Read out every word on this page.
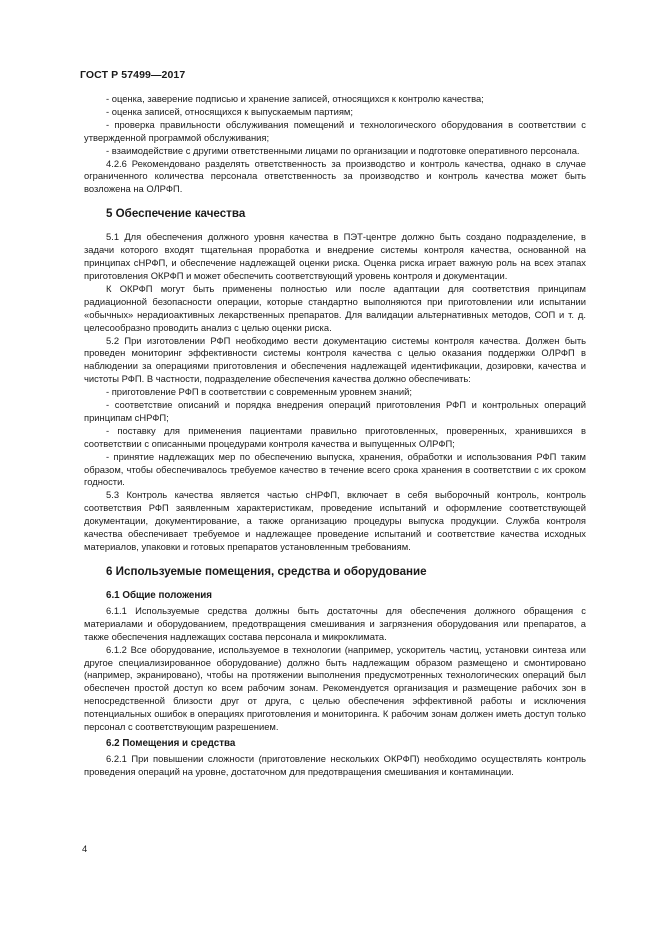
ГОСТ Р 57499—2017

- оценка, заверение подписью и хранение записей, относящихся к контролю качества;

- оценка записей, относящихся к выпускаемым партиям;

- проверка правильности обслуживания помещений и технологического оборудования в соответствии с утвержденной программой обслуживания;

- взаимодействие с другими ответственными лицами по организации и подготовке оперативного персонала.

4.2.6 Рекомендовано разделять ответственность за производство и контроль качества, однако в случае ограниченного количества персонала ответственность за производство и контроль качества может быть возложена на ОЛРФП.

5 Обеспечение качества

5.1 Для обеспечения должного уровня качества в ПЭТ-центре должно быть создано подразделение, в задачи которого входят тщательная проработка и внедрение системы контроля качества, основанной на принципах сНРФП, и обеспечение надлежащей оценки риска. Оценка риска играет важную роль на всех этапах приготовления ОКРФП и может обеспечить соответствующий уровень контроля и документации.

К ОКРФП могут быть применены полностью или после адаптации для соответствия принципам радиационной безопасности операции, которые стандартно выполняются при приготовлении или испытании «обычных» нерадиоактивных лекарственных препаратов. Для валидации альтернативных методов, СОП и т. д. целесообразно проводить анализ с целью оценки риска.

5.2 При изготовлении РФП необходимо вести документацию системы контроля качества. Должен быть проведен мониторинг эффективности системы контроля качества с целью оказания поддержки ОЛРФП в наблюдении за операциями приготовления и обеспечения надлежащей идентификации, дозировки, качества и чистоты РФП. В частности, подразделение обеспечения качества должно обеспечивать:

- приготовление РФП в соответствии с современным уровнем знаний;

- соответствие описаний и порядка внедрения операций приготовления РФП и контрольных операций принципам сНРФП;

- поставку для применения пациентами правильно приготовленных, проверенных, хранившихся в соответствии с описанными процедурами контроля качества и выпущенных ОЛРФП;

- принятие надлежащих мер по обеспечению выпуска, хранения, обработки и использования РФП таким образом, чтобы обеспечивалось требуемое качество в течение всего срока хранения в соответствии с их сроком годности.

5.3 Контроль качества является частью сНРФП, включает в себя выборочный контроль, контроль соответствия РФП заявленным характеристикам, проведение испытаний и оформление соответствующей документации, документирование, а также организацию процедуры выпуска продукции. Служба контроля качества обеспечивает требуемое и надлежащее проведение испытаний и соответствие качества исходных материалов, упаковки и готовых препаратов установленным требованиям.

6 Используемые помещения, средства и оборудование
6.1 Общие положения

6.1.1 Используемые средства должны быть достаточны для обеспечения должного обращения с материалами и оборудованием, предотвращения смешивания и загрязнения оборудования или препаратов, а также обеспечения надлежащих состава персонала и микроклимата.

6.1.2 Все оборудование, используемое в технологии (например, ускоритель частиц, установки синтеза или другое специализированное оборудование) должно быть надлежащим образом размещено и смонтировано (например, экранировано), чтобы на протяжении выполнения предусмотренных технологических операций был обеспечен простой доступ ко всем рабочим зонам. Рекомендуется организация и размещение рабочих зон в непосредственной близости друг от друга, с целью обеспечения эффективной работы и исключения потенциальных ошибок в операциях приготовления и мониторинга. К рабочим зонам должен иметь доступ только персонал с соответствующим разрешением.

6.2 Помещения и средства

6.2.1 При повышении сложности (приготовление нескольких ОКРФП) необходимо осуществлять контроль проведения операций на уровне, достаточном для предотвращения смешивания и контаминации.

4
